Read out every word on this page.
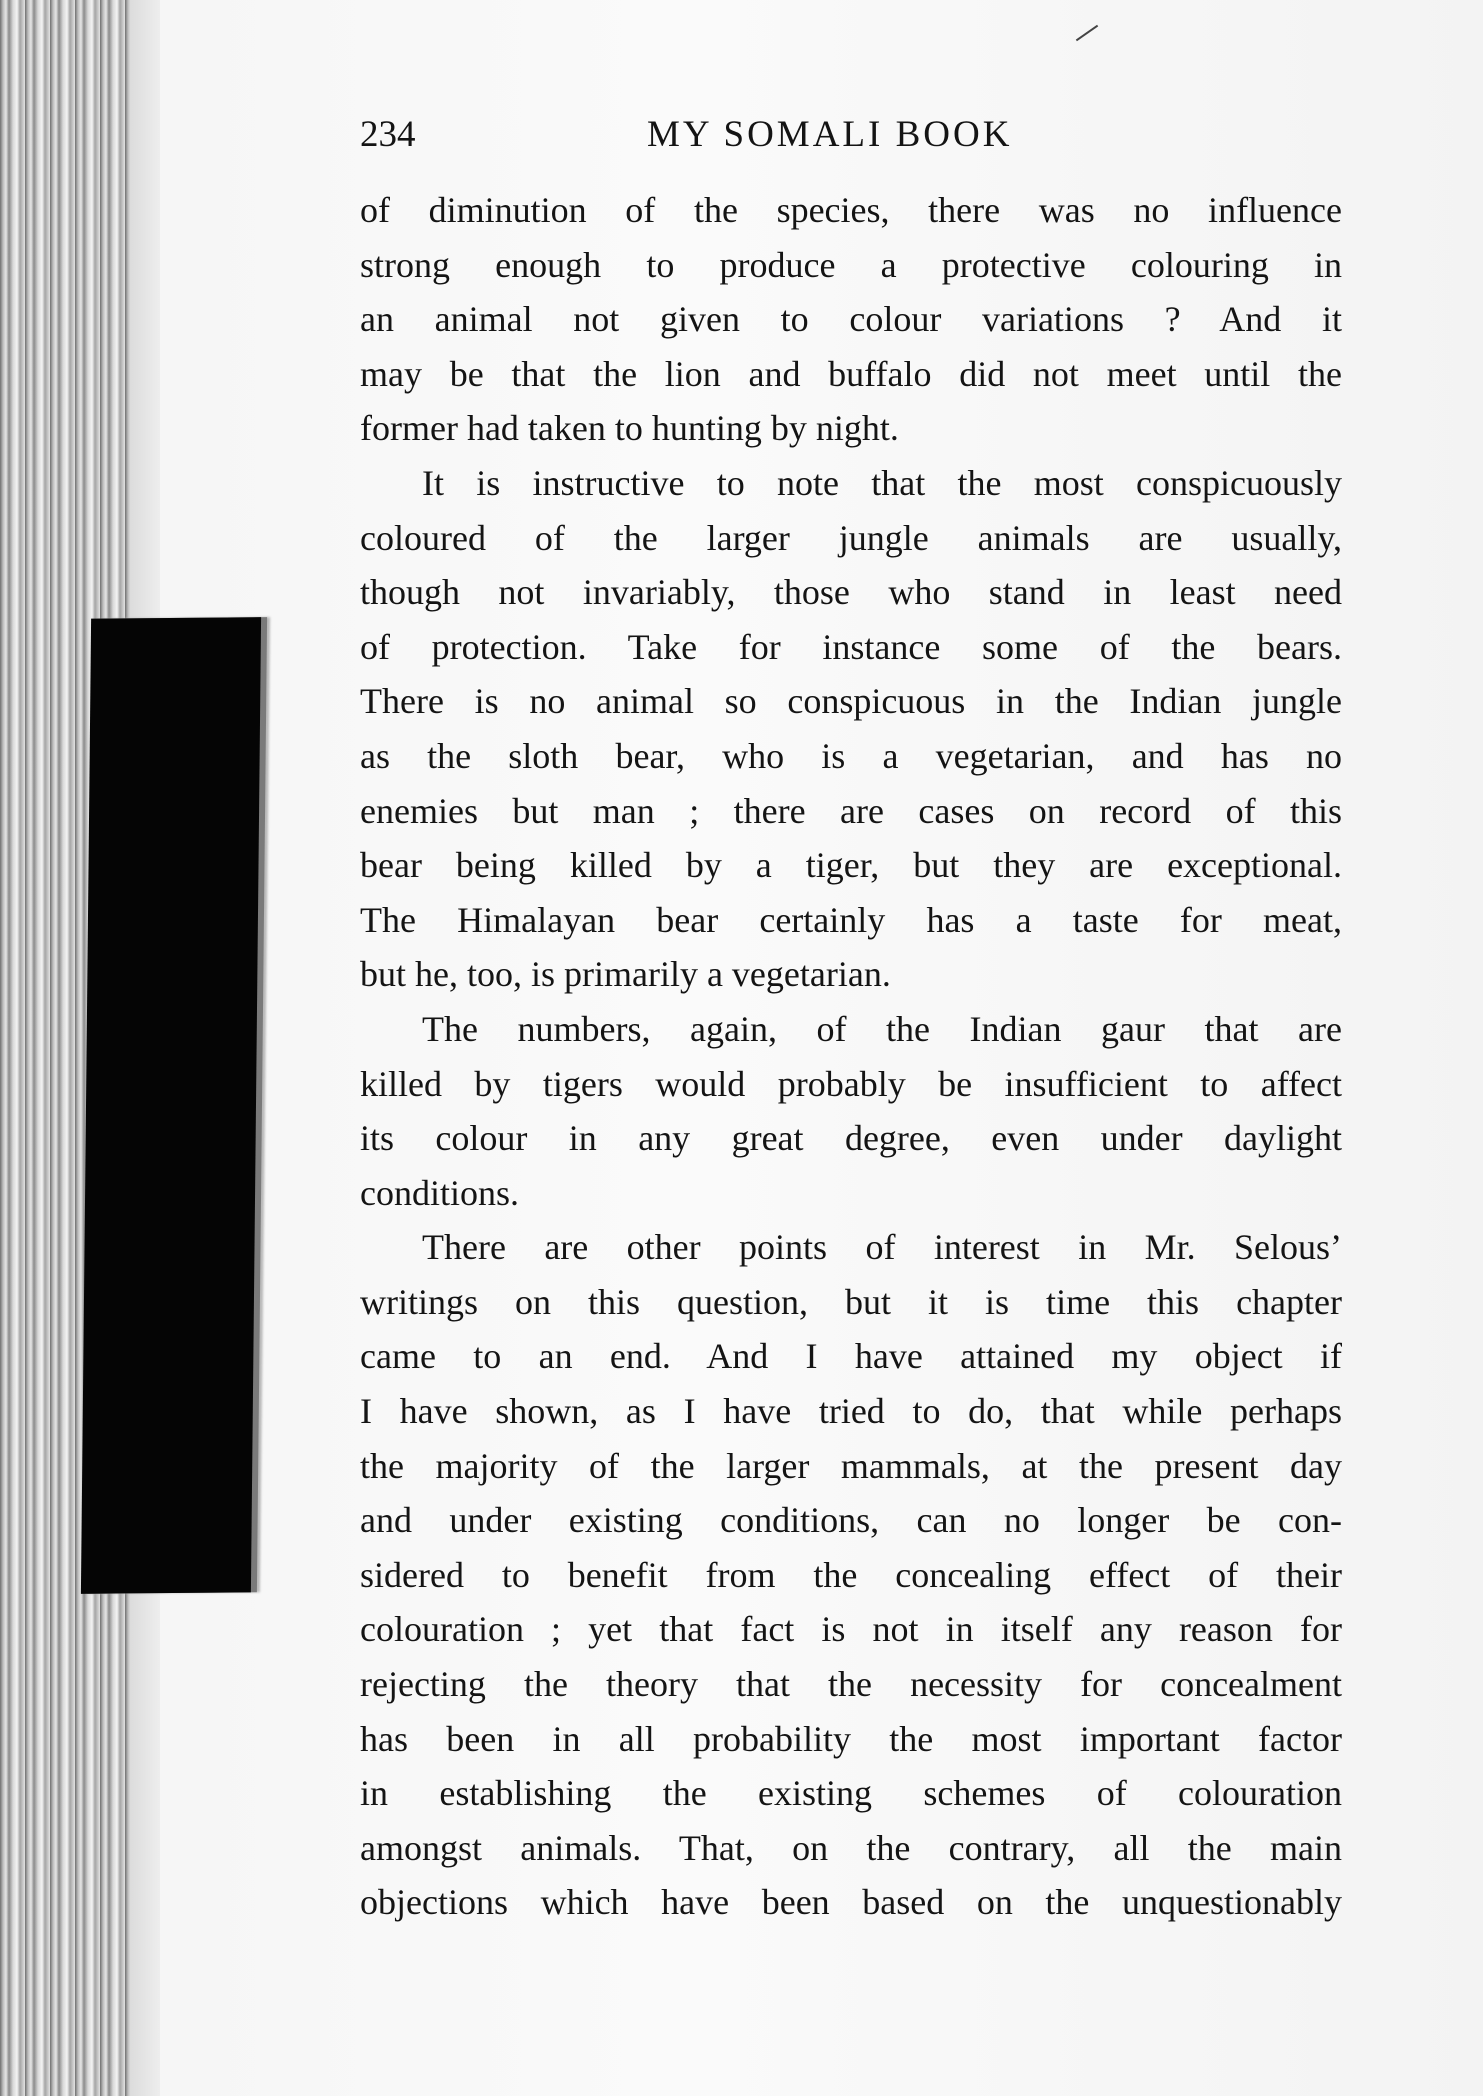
234	MY SOMALI BOOK
of diminution of the species, there was no influence
strong enough to produce a protective colouring in
an animal not given to colour variations ? And it
may be that the lion and buffalo did not meet until the
former had taken to hunting by night.
It is instructive to note that the most conspicuously
coloured of the larger jungle animals are usually,
though not invariably, those who stand in least need
of protection. Take for instance some of the bears.
There is no animal so conspicuous in the Indian jungle
as the sloth bear, who is a vegetarian, and has no
enemies but man ; there are cases on record of this
bear being killed by a tiger, but they are exceptional.
The Himalayan bear certainly has a taste for meat,
but he, too, is primarily a vegetarian.
The numbers, again, of the Indian gaur that are
killed by tigers would probably be insufficient to affect
its colour in any great degree, even under daylight
conditions.
There are other points of interest in Mr. Selous’
writings on this question, but it is time this chapter
came to an end. And I have attained my object if
I have shown, as I have tried to do, that while perhaps
the majority of the larger mammals, at the present day
and under existing conditions, can no longer be con-
sidered to benefit from the concealing effect of their
colouration ; yet that fact is not in itself any reason for
rejecting the theory that the necessity for concealment
has been in all probability the most important factor
in establishing the existing schemes of colouration
amongst animals. That, on the contrary, all the main
objections which have been based on the unquestionably
